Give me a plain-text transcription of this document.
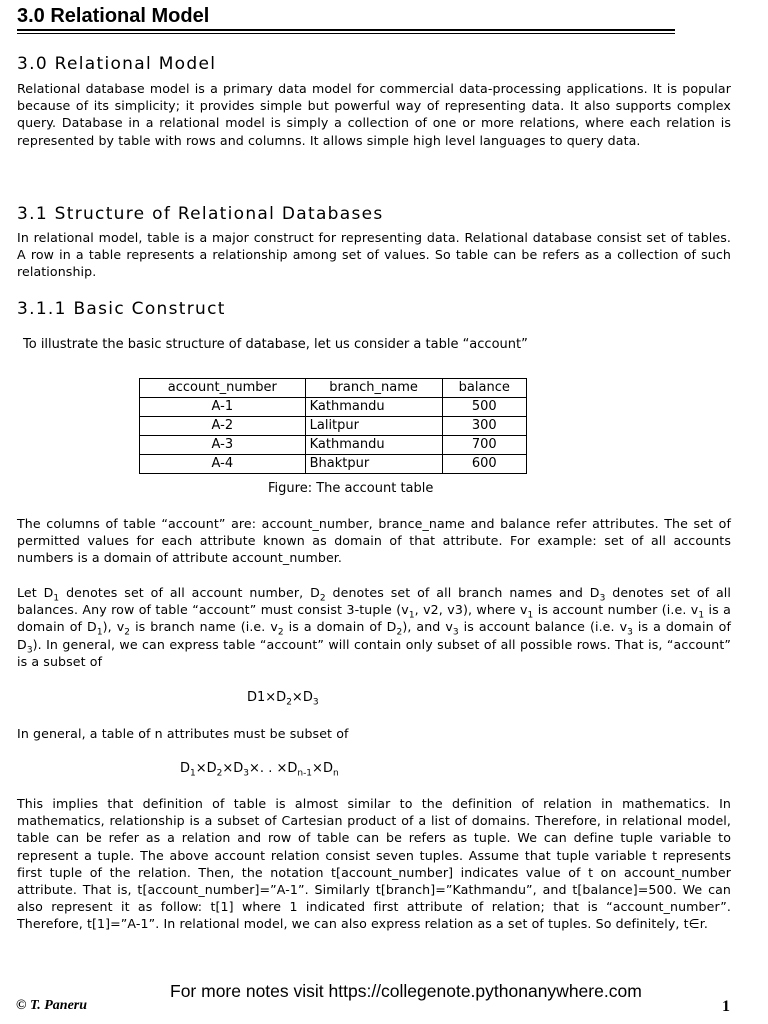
3.0 Relational Model
3.0 Relational Model
Relational database model is a primary data model for commercial data-processing applications. It is popular because of its simplicity; it provides simple but powerful way of representing data. It also supports complex query. Database in a relational model is simply a collection of one or more relations, where each relation is represented by table with rows and columns. It allows simple high level languages to query data.
3.1 Structure of Relational Databases
In relational model, table is a major construct for representing data. Relational database consist set of tables. A row in a table represents a relationship among set of values. So table can be refers as a collection of such relationship.
3.1.1 Basic Construct
To illustrate the basic structure of database, let us consider a table “account”
account_number	branch_name	balance
A-1	Kathmandu	500
A-2	Lalitpur	300
A-3	Kathmandu	700
A-4	Bhaktpur	600
Figure: The account table
The columns of table “account” are: account_number, brance_name and balance refer attributes. The set of permitted values for each attribute known as domain of that attribute. For example: set of all accounts numbers is a domain of attribute account_number.
Let $D_1$ denotes set of all account number, $D_2$ denotes set of all branch names and $D_3$ denotes set of all balances. Any row of table “account” must consist 3-tuple ($v_1$, v2, v3), where $v_1$ is account number (i.e. $v_1$ is a domain of $D_1$), $v_2$ is branch name (i.e. $v_2$ is a domain of $D_2$), and $v_3$ is account balance (i.e. $v_3$ is a domain of $D_3$). In general, we can express table “account” will contain only subset of all possible rows. That is, “account” is a subset of
$D1\times D_2\times D_3$
In general, a table of n attributes must be subset of
$D_1\times D_2\times D_3\times$. . $\times D_{n-1}\times D_n$
This implies that definition of table is almost similar to the definition of relation in mathematics. In mathematics, relationship is a subset of Cartesian product of a list of domains. Therefore, in relational model, table can be refer as a relation and row of table can be refers as tuple. We can define tuple variable to represent a tuple. The above account relation consist seven tuples. Assume that tuple variable t represents first tuple of the relation. Then, the notation t[account_number] indicates value of t on account_number attribute. That is, t[account_number]=”A-1”. Similarly t[branch]=”Kathmandu”, and t[balance]=500. We can also represent it as follow: t[1] where 1 indicated first attribute of relation; that is “account_number”. Therefore, t[1]=”A-1”. In relational model, we can also express relation as a set of tuples. So definitely, t∈r.
For more notes visit https://collegenote.pythonanywhere.com
© T. Paneru	1
